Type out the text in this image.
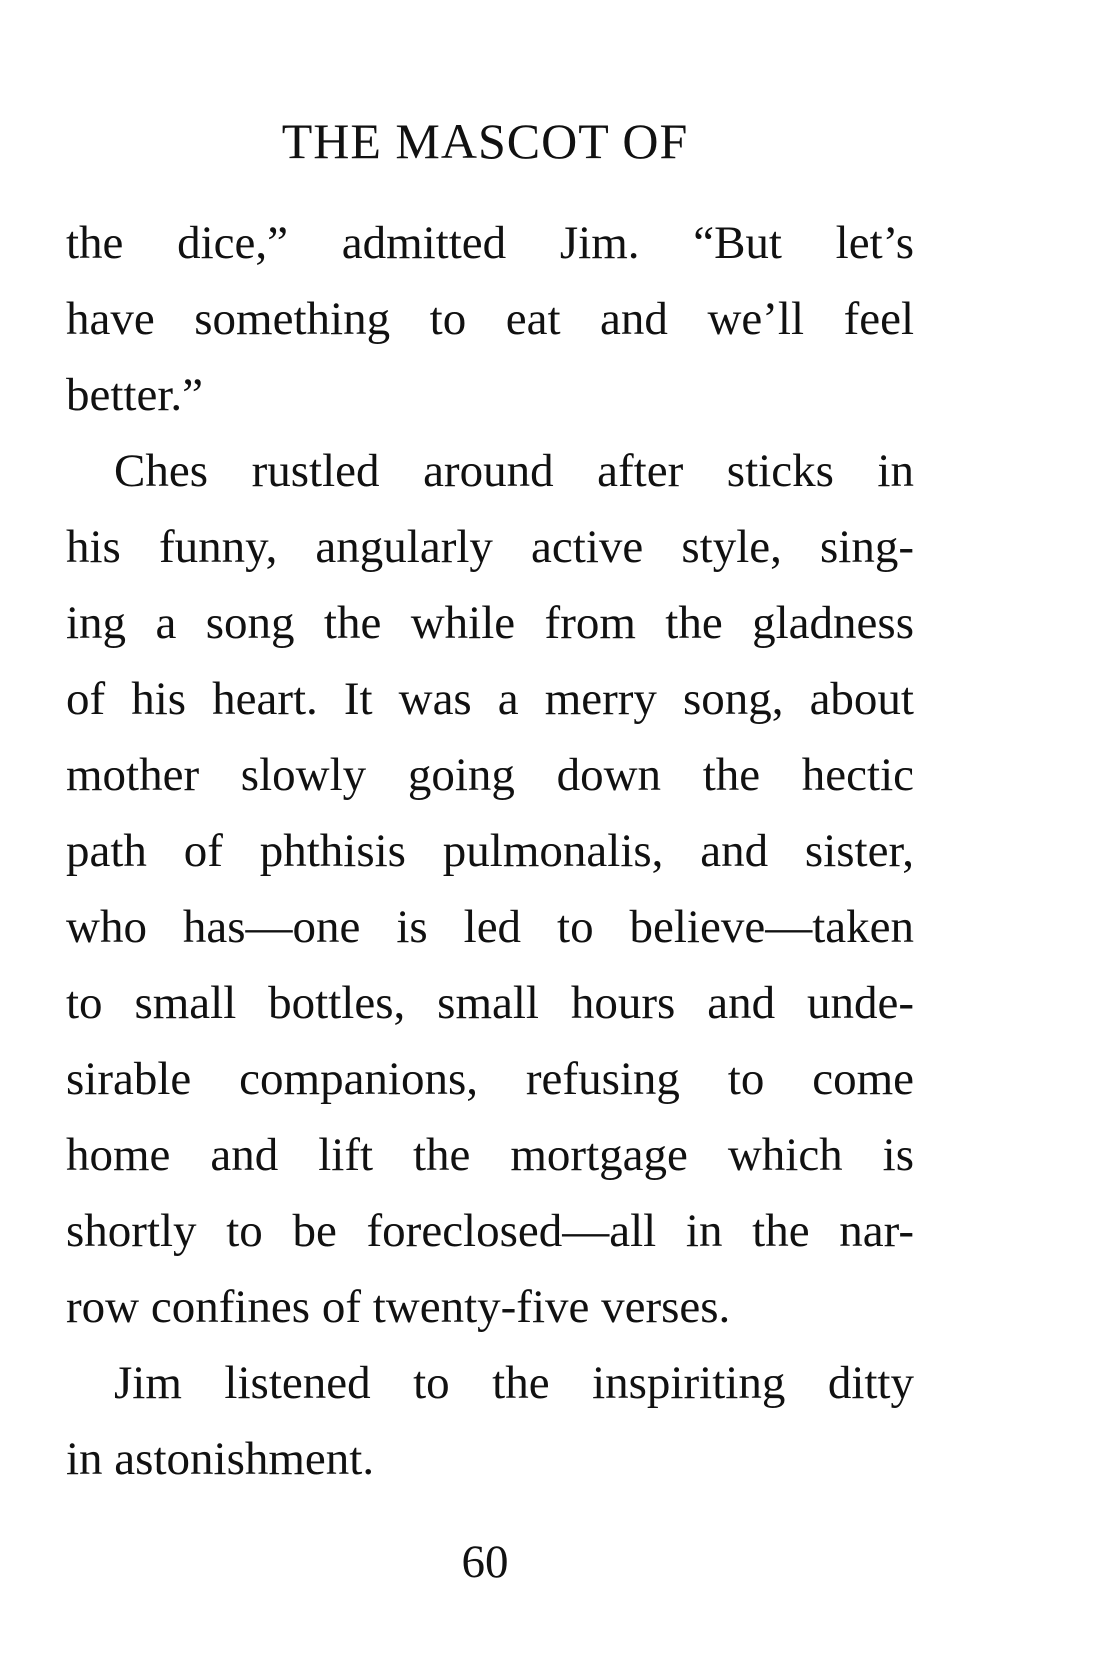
THE MASCOT OF
the dice,” admitted Jim. “But let’s
have something to eat and we’ll feel
better.”
Ches rustled around after sticks in
his funny, angularly active style, sing-
ing a song the while from the gladness
of his heart. It was a merry song, about
mother slowly going down the hectic
path of phthisis pulmonalis, and sister,
who has—one is led to believe—taken
to small bottles, small hours and unde-
sirable companions, refusing to come
home and lift the mortgage which is
shortly to be foreclosed—all in the nar-
row confines of twenty-five verses.
Jim listened to the inspiriting ditty
in astonishment.
60
